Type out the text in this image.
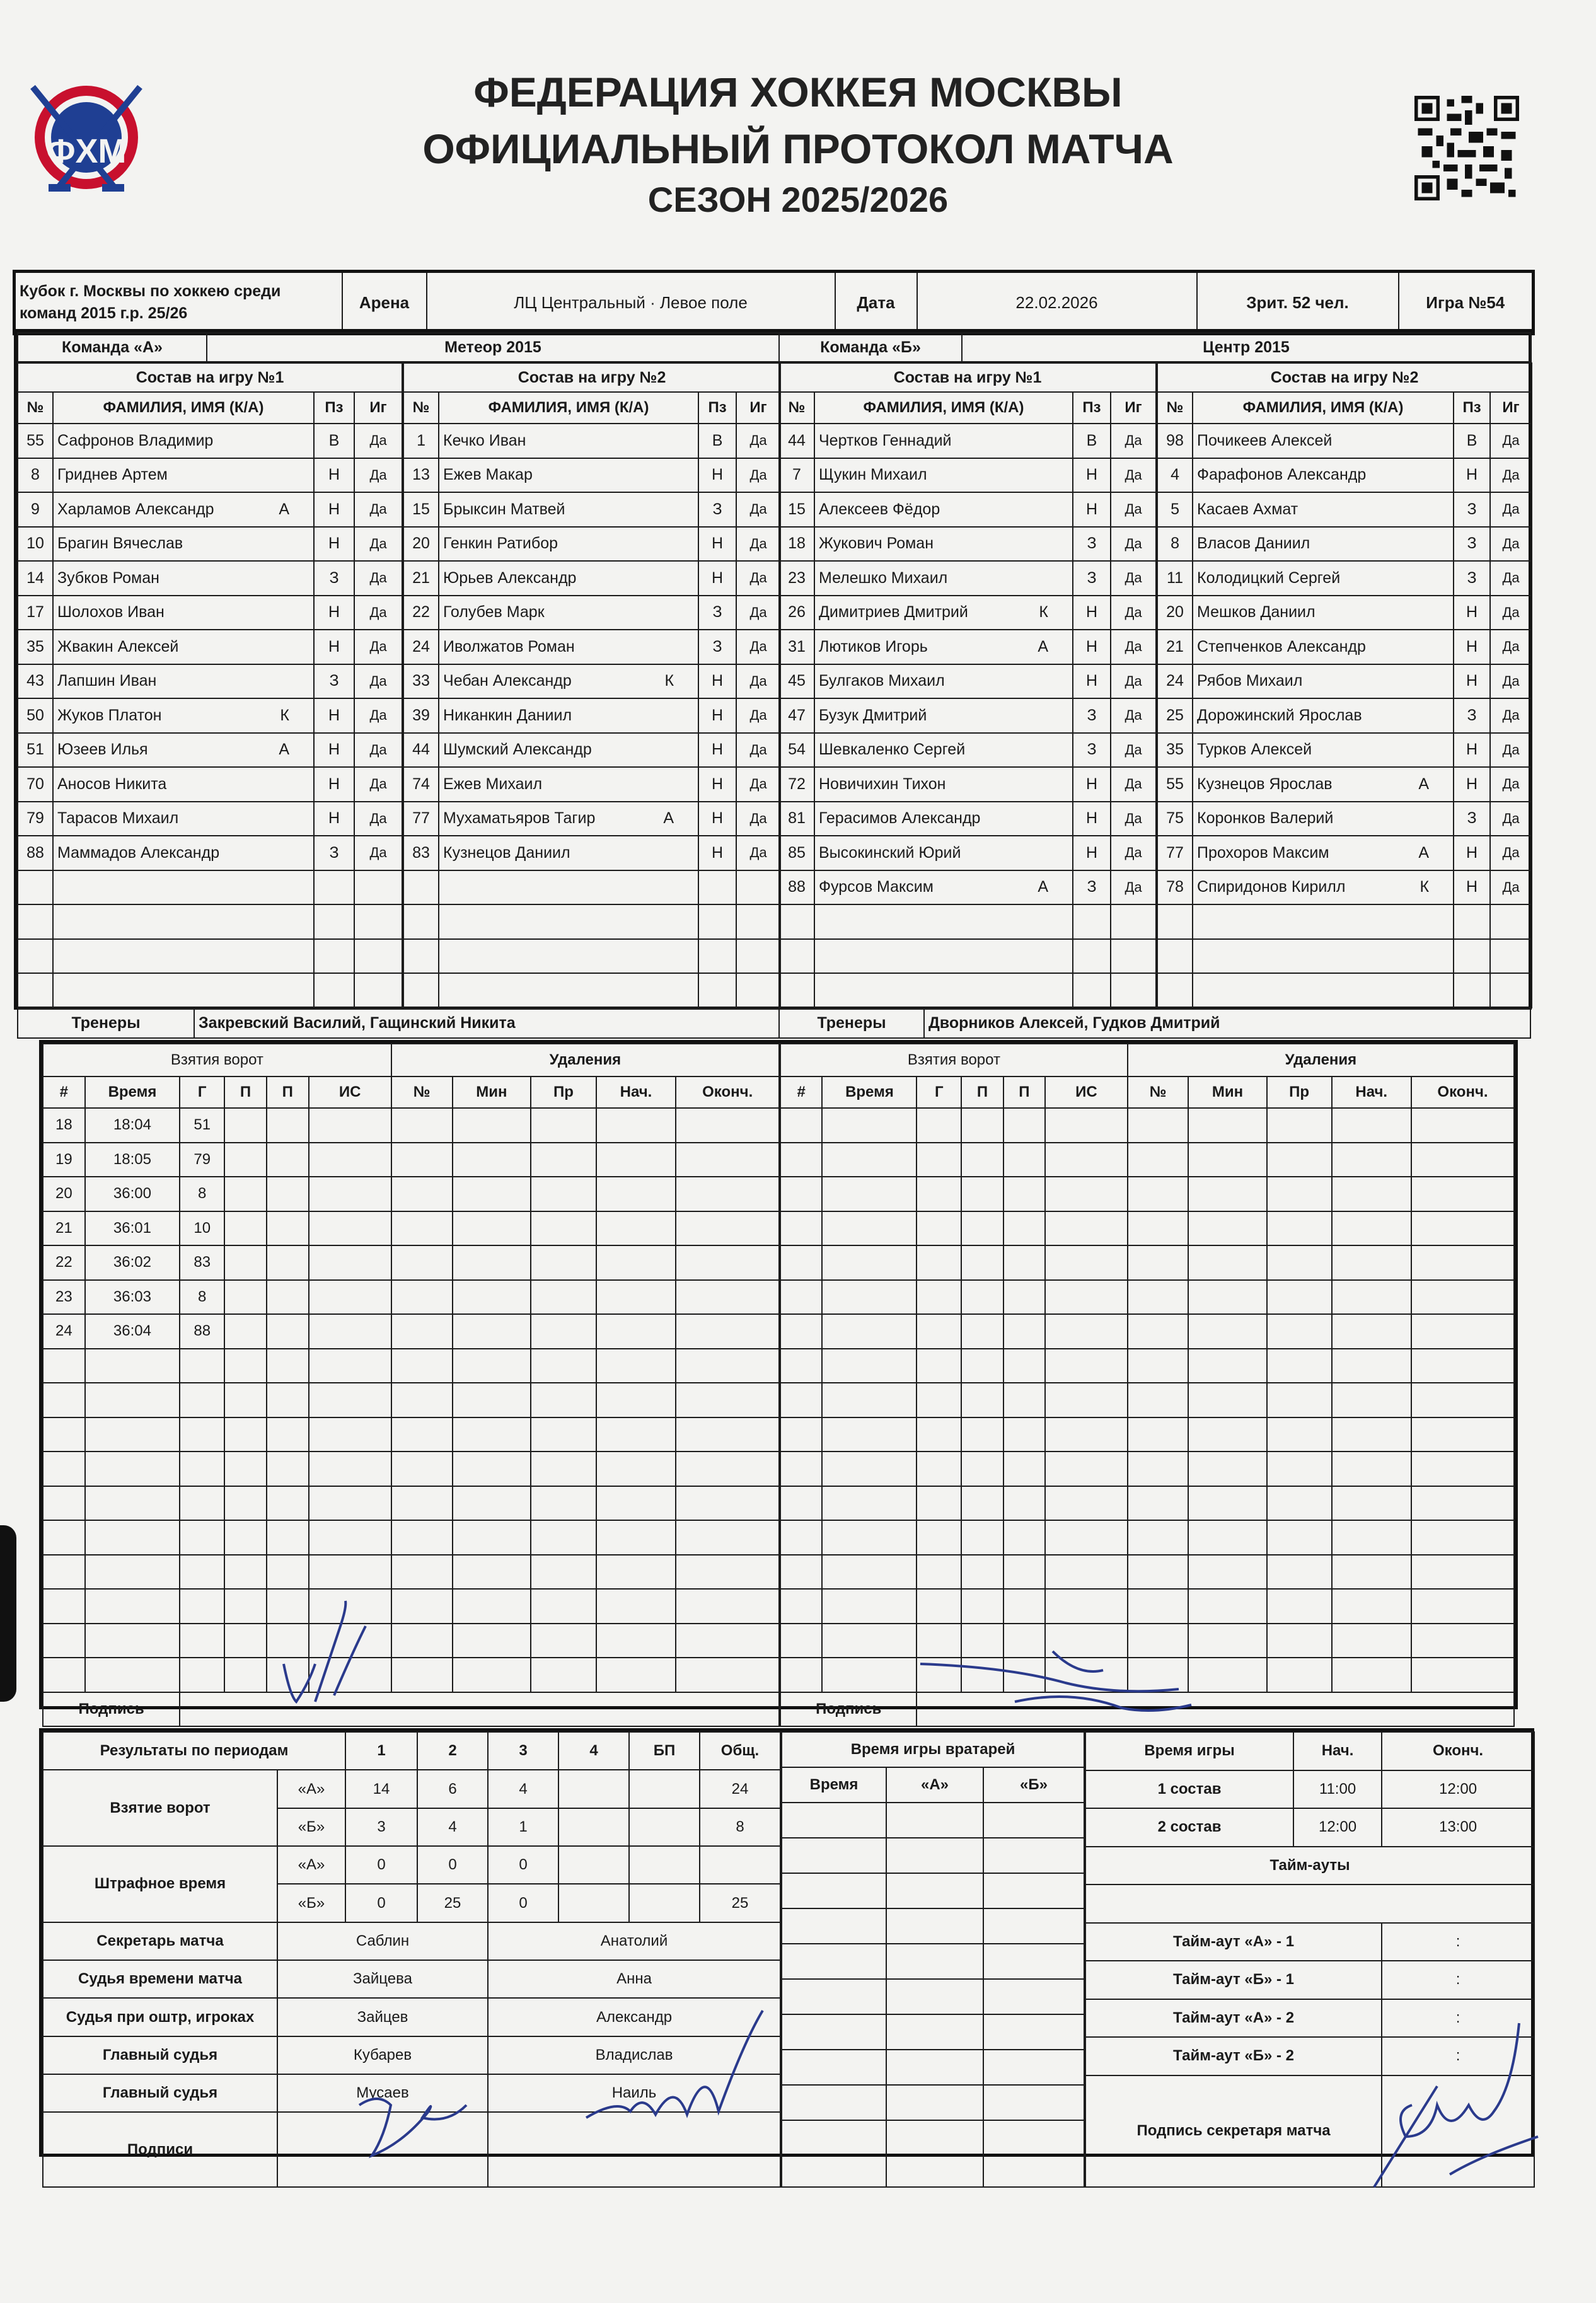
ФХМ
ФЕДЕРАЦИЯ ХОККЕЯ МОСКВЫ
ОФИЦИАЛЬНЫЙ ПРОТОКОЛ МАТЧА
СЕЗОН 2025/2026
Кубок г. Москвы по хоккею среди команд 2015 г.р. 25/26	Арена	ЛЦ Центральный · Левое поле	Дата	22.02.2026	Зрит. 52 чел.	Игра №54
Команда «А»	Метеор 2015
Состав на игру №1			
№	ФАМИЛИЯ, ИМЯ (К/А)	Пз	Иг
55	Сафронов Владимир	В	Да
8	Гриднев Артем	Н	Да
9	Харламов Александр А	Н	Да
10	Брагин Вячеслав	Н	Да
14	Зубков Роман	З	Да
17	Шолохов Иван	Н	Да
35	Жвакин Алексей	Н	Да
43	Лапшин Иван	З	Да
50	Жуков Платон К	Н	Да
51	Юзеев Илья А	Н	Да
70	Аносов Никита	Н	Да
79	Тарасов Михаил	Н	Да
88	Маммадов Александр	З	Да

Состав на игру №2			
№	ФАМИЛИЯ, ИМЯ (К/А)	Пз	Иг
1	Кечко Иван	В	Да
13	Ежев Макар	Н	Да
15	Брыксин Матвей	З	Да
20	Генкин Ратибор	Н	Да
21	Юрьев Александр	Н	Да
22	Голубев Марк	З	Да
24	Иволжатов Роман	З	Да
33	Чебан Александр К	Н	Да
39	Никанкин Даниил	Н	Да
44	Шумский Александр	Н	Да
74	Ежев Михаил	Н	Да
77	Мухаматьяров Тагир А	Н	Да
83	Кузнецов Даниил	Н	Да

Тренеры	Закревский Василий, Гащинский Никита
Команда «Б»	Центр 2015
Состав на игру №1			
№	ФАМИЛИЯ, ИМЯ (К/А)	Пз	Иг
44	Чертков Геннадий	В	Да
7	Щукин Михаил	Н	Да
15	Алексеев Фёдор	Н	Да
18	Жукович Роман	З	Да
23	Мелешко Михаил	З	Да
26	Димитриев Дмитрий К	Н	Да
31	Лютиков Игорь А	Н	Да
45	Булгаков Михаил	Н	Да
47	Бузук Дмитрий	З	Да
54	Шевкаленко Сергей	З	Да
72	Новичихин Тихон	Н	Да
81	Герасимов Александр	Н	Да
85	Высокинский Юрий	Н	Да
88	Фурсов Максим А	З	Да

Состав на игру №2			
№	ФАМИЛИЯ, ИМЯ (К/А)	Пз	Иг
98	Почикеев Алексей	В	Да
4	Фарафонов Александр	Н	Да
5	Касаев Ахмат	З	Да
8	Власов Даниил	З	Да
11	Колодицкий Сергей	З	Да
20	Мешков Даниил	Н	Да
21	Степченков Александр	Н	Да
24	Рябов Михаил	Н	Да
25	Дорожинский Ярослав	З	Да
35	Турков Алексей	Н	Да
55	Кузнецов Ярослав А	Н	Да
75	Коронков Валерий	З	Да
77	Прохоров Максим А	Н	Да
78	Спиридонов Кирилл К	Н	Да

Тренеры	Дворников Алексей, Гудков Дмитрий
Взятия ворот						Удаления				
#	Время	Г	П	П	ИС	№	Мин	Пр	Нач.	Оконч.
18	18:04	51								
19	18:05	79								
20	36:00	8								
21	36:01	10								
22	36:02	83								
23	36:03	8								
24	36:04	88								

Подпись										
Взятия ворот						Удаления				
#	Время	Г	П	П	ИС	№	Мин	Пр	Нач.	Оконч.

Подпись										
Результаты по периодам		1	2	3	4	БП	Общ.
Взятие ворот	«А»	14	6	4			24
	«Б»	3	4	1			8
Штрафное время	«А»	0	0	0			
	«Б»	0	25	0			25
Секретарь матча	Саблин			Анатолий			
Судья времени матча	Зайцева			Анна			
Судья при оштр, игроках	Зайцев			Александр			
Главный судья	Кубарев			Владислав			
Главный судья	Мусаев			Наиль			
Подписи							
Время игры вратарей		
Время	«А»	«Б»

Время игры	Нач.	Оконч.
1 состав	11:00	12:00
2 состав	12:00	13:00
Тайм-ауты		

Тайм-аут «А» - 1		:
Тайм-аут «Б» - 1		:
Тайм-аут «А» - 2		:
Тайм-аут «Б» - 2		:
Подпись секретаря матча		
